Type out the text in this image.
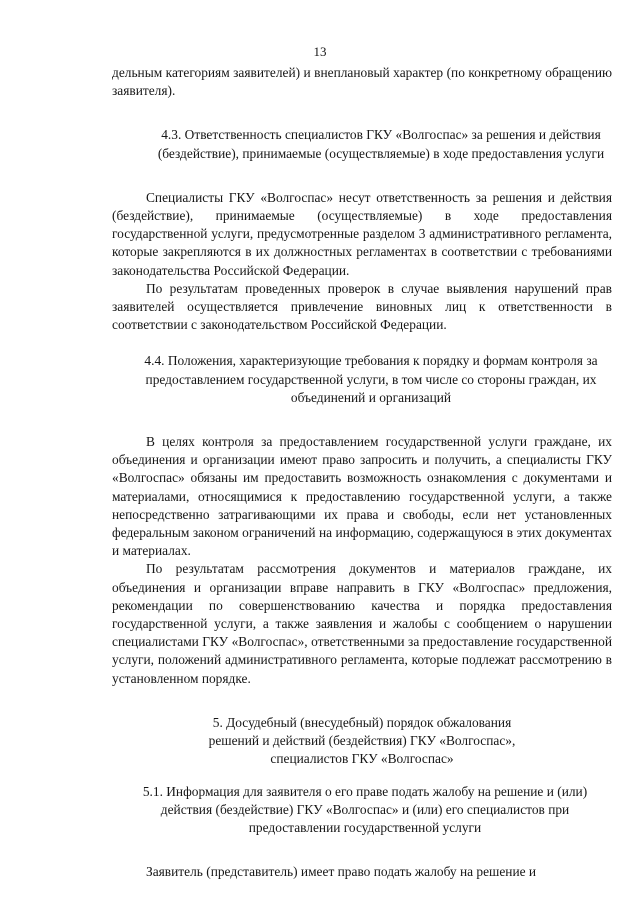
13

дельным категориям заявителей) и внеплановый характер (по конкретному обращению заявителя).

4.3. Ответственность специалистов ГКУ «Волгоспас» за решения и действия (бездействие), принимаемые (осуществляемые) в ходе предоставления услуги

Специалисты ГКУ «Волгоспас» несут ответственность за решения и действия (бездействие), принимаемые (осуществляемые) в ходе предоставления государственной услуги, предусмотренные разделом 3 административного регламента, которые закрепляются в их должностных регламентах в соответствии с требованиями законодательства Российской Федерации.

По результатам проведенных проверок в случае выявления нарушений прав заявителей осуществляется привлечение виновных лиц к ответственности в соответствии с законодательством Российской Федерации.

4.4. Положения, характеризующие требования к порядку и формам контроля за предоставлением государственной услуги, в том числе со стороны граждан, их объединений и организаций

В целях контроля за предоставлением государственной услуги граждане, их объединения и организации имеют право запросить и получить, а специалисты ГКУ «Волгоспас» обязаны им предоставить возможность ознакомления с документами и материалами, относящимися к предоставлению государственной услуги, а также непосредственно затрагивающими их права и свободы, если нет установленных федеральным законом ограничений на информацию, содержащуюся в этих документах и материалах.

По результатам рассмотрения документов и материалов граждане, их объединения и организации вправе направить в ГКУ «Волгоспас» предложения, рекомендации по совершенствованию качества и порядка предоставления государственной услуги, а также заявления и жалобы с сообщением о нарушении специалистами ГКУ «Волгоспас», ответственными за предоставление государственной услуги, положений административного регламента, которые подлежат рассмотрению в установленном порядке.

5. Досудебный (внесудебный) порядок обжалования
решений и действий (бездействия) ГКУ «Волгоспас»,
специалистов ГКУ «Волгоспас»
5.1. Информация для заявителя о его праве подать жалобу на решение и (или) действия (бездействие) ГКУ «Волгоспас» и (или) его специалистов при предоставлении государственной услуги

Заявитель (представитель) имеет право подать жалобу на решение и
